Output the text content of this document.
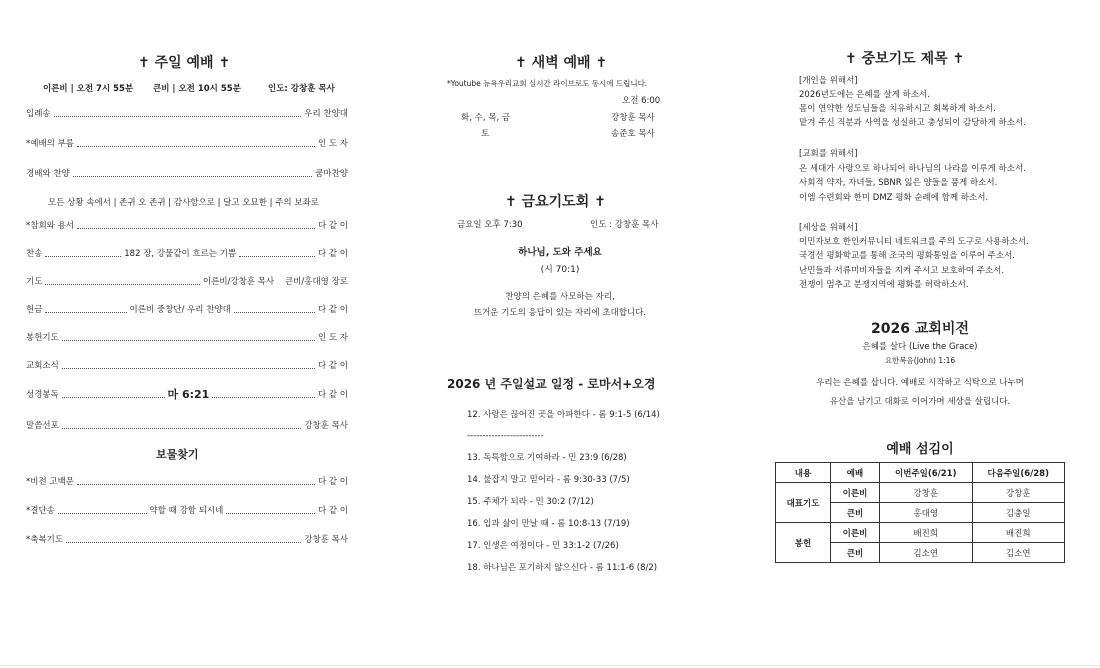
✝ 주일 예배 ✝
이른비 | 오전 7시 55분 큰비 | 오전 10시 55분	인도: 강창훈 목사
입례송	우리 찬양대
*예배의 부름	인 도 자
경배와 찬양	쿰마찬양
모든 상황 속에서 | 존귀 오 존귀 | 감사함으로 | 달고 오묘한 | 주의 보좌로
*참회와 용서	다 같 이
찬송	182 장, 강물같이 흐르는 기쁨	다 같 이
기도	이른비/강창훈 목사    큰비/홍대영 장로
헌금	이른비 중창단/ 우리 찬양대	다 같 이
봉헌기도	인 도 자
교회소식	다 같 이
성경봉독	마 6:21	다 같 이
말씀선포	강창훈 목사
보물찾기
*비전 고백문	다 같 이
*결단송	약할 때 강함 되시네	다 같 이
*축복기도	강창훈 목사
✝ 새벽 예배 ✝
*Youtube 뉴욕우리교회 실시간 라이브로도 동시에 드립니다.
오전 6:00
화, 수, 목, 금	강창훈 목사
토	송준호 목사
✝ 금요기도회 ✝
금요일 오후 7:30	인도 : 강창훈 목사
하나님, 도와 주세요
(시 70:1)
찬양의 은혜를 사모하는 자리,
뜨거운 기도의 응답이 있는 자리에 초대합니다.
2026 년 주일설교 일정 - 로마서+오경
12. 사랑은 끊어진 곳을 아파한다 - 롬 9:1-5 (6/14)
-------------------------
13. 독특함으로 기여하라 - 민 23:9 (6/28)
14. 불잡지 말고 믿어라 - 롬 9:30-33 (7/5)
15. 주체가 되라 - 민 30:2 (7/12)
16. 입과 삶이 만날 때 - 롬 10:8-13 (7/19)
17. 인생은 여정이다 - 민 33:1-2 (7/26)
18. 하나님은 포기하지 않으신다 - 롬 11:1-6 (8/2)
✝ 중보기도 제목 ✝
[개인을 위해서]
2026년도에는 은혜를 살게 하소서.
몸이 연약한 성도님들을 치유하시고 회복하게 하소서.
맡겨 주신 직분과 사역을 성실하고 충성되이 감당하게 하소서.
[교회를 위해서]
온 세대가 사랑으로 하나되어 하나님의 나라를 이루게 하소서.
사회적 약자, 자녀들, SBNR 잃은 양들을 품게 하소서.
이엠 수련회와 한미 DMZ 평화 순례에 함께 하소서.
[세상을 위해서]
이민자보호 한인커뮤니티 네트워크를 주의 도구로 사용하소서.
국경선 평화학교를 통해 조국의 평화통일을 이루어 주소서.
난민들과 서류미비자들을 지켜 주시고 보호하여 주소서.
전쟁이 멈추고 분쟁지역에 평화를 허락하소서.
2026 교회비전
은혜를 살다 (Live the Grace)
요한복음(John) 1:16
우리는 은혜를 삽니다. 예배로 시작하고 식탁으로 나누며
유산을 남기고 대화로 이어가며 세상을 살립니다.
예배 섬김이
내용	예배	이번주일(6/21)	다음주일(6/28)
대표기도	이른비	강창훈	강창훈
	큰비	홍대영	김충일
봉헌	이른비	배진희	배진희
	큰비	김소연	김소연
